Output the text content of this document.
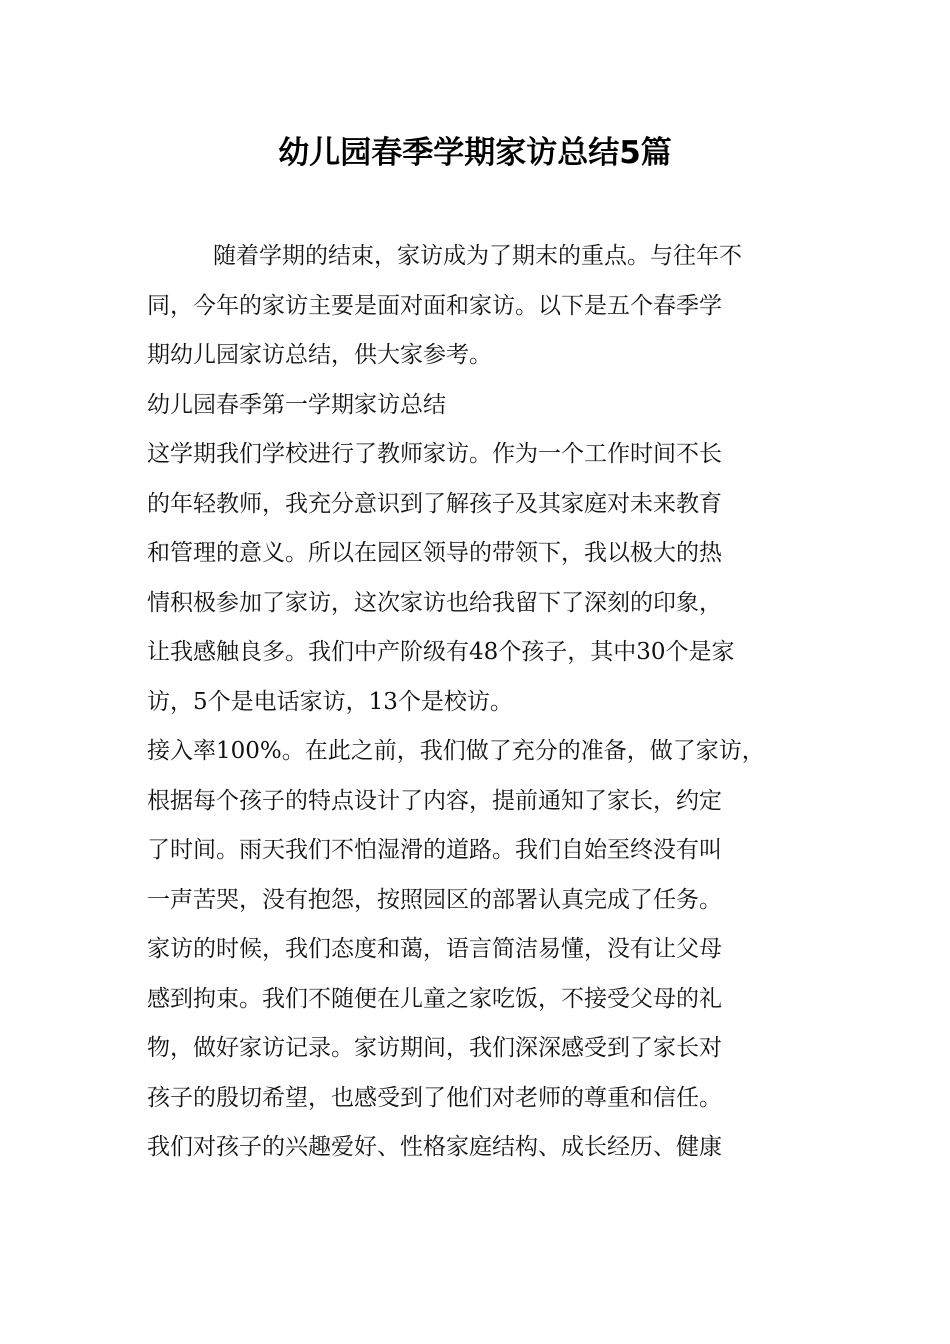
幼儿园春季学期家访总结5篇
随着学期的结束，家访成为了期末的重点。与往年不
同，今年的家访主要是面对面和家访。以下是五个春季学
期幼儿园家访总结，供大家参考。
幼儿园春季第一学期家访总结
这学期我们学校进行了教师家访。作为一个工作时间不长
的年轻教师，我充分意识到了解孩子及其家庭对未来教育
和管理的意义。所以在园区领导的带领下，我以极大的热
情积极参加了家访，这次家访也给我留下了深刻的印象，
让我感触良多。我们中产阶级有48个孩子，其中30个是家
访，5个是电话家访，13个是校访。
接入率100%。在此之前，我们做了充分的准备，做了家访，
根据每个孩子的特点设计了内容，提前通知了家长，约定
了时间。雨天我们不怕湿滑的道路。我们自始至终没有叫
一声苦哭，没有抱怨，按照园区的部署认真完成了任务。
家访的时候，我们态度和蔼，语言简洁易懂，没有让父母
感到拘束。我们不随便在儿童之家吃饭，不接受父母的礼
物，做好家访记录。家访期间，我们深深感受到了家长对
孩子的殷切希望，也感受到了他们对老师的尊重和信任。
我们对孩子的兴趣爱好、性格家庭结构、成长经历、健康
